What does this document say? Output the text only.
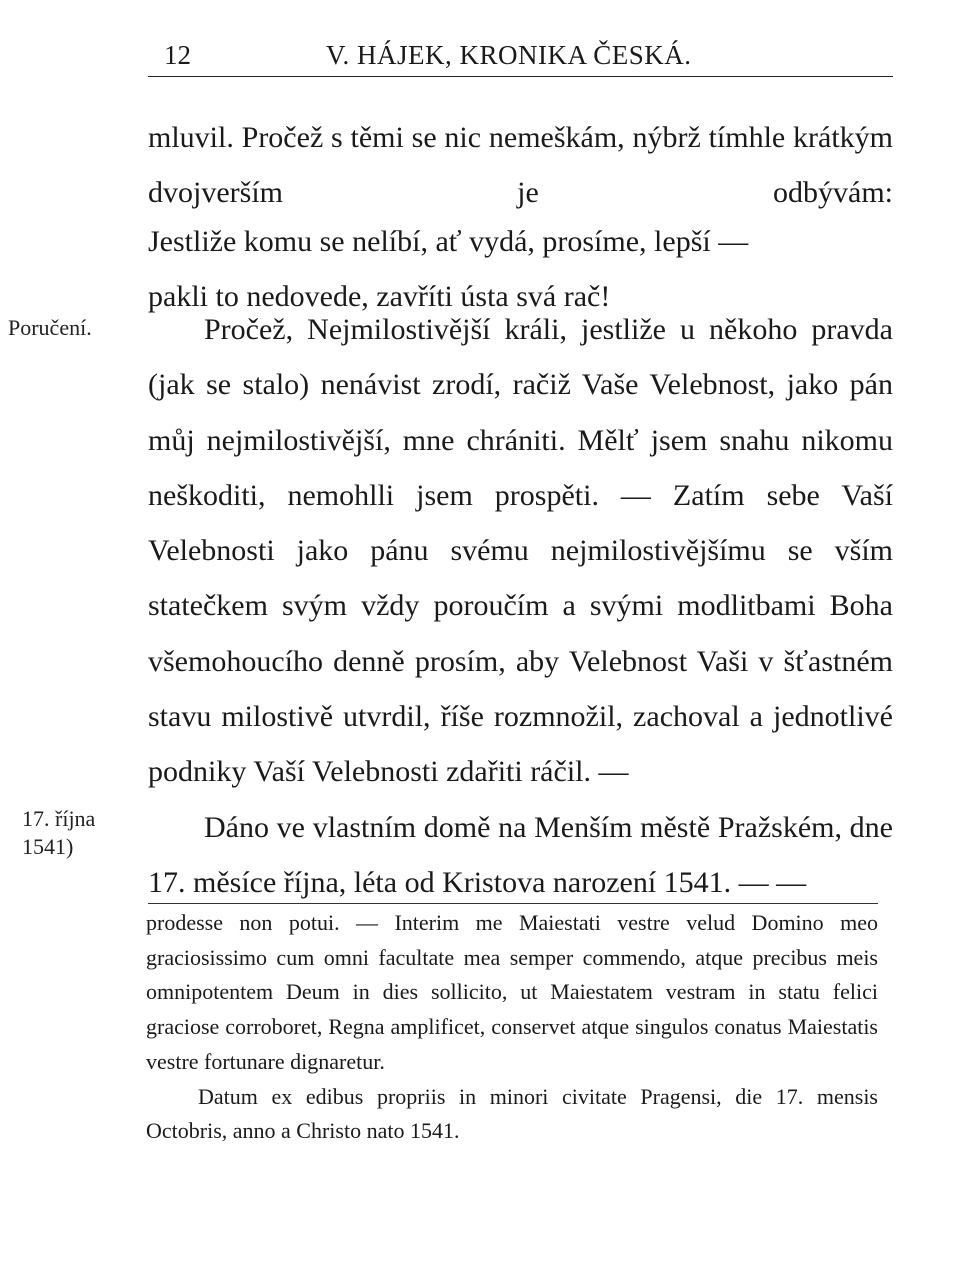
12	V. HÁJEK, KRONIKA ČESKÁ.

mluvil. Pročež s těmi se nic nemeškám, nýbrž tímhle krátkým dvojverším je odbývám:

Jestliže komu se nelíbí, ať vydá, prosíme, lepší —

pakli to nedovede, zavříti ústa svá rač!

Pročež, Nejmilostivější králi, jestliže u někoho pravda (jak se stalo) nenávist zrodí, račiž Vaše Velebnost, jako pán můj nejmilostivější, mne chrániti. Mělť jsem snahu nikomu neškoditi, nemohlli jsem prospěti. — Zatím sebe Vaší Velebnosti jako pánu svému nejmilostivějšímu se vším statečkem svým vždy poroučím a svými modlitbami Boha všemohoucího denně prosím, aby Velebnost Vaši v šťastném stavu milostivě utvrdil, říše rozmnožil, zachoval a jednotlivé podniky Vaší Velebnosti zdařiti ráčil. —

Dáno ve vlastním domě na Menším městě Pražském, dne 17. měsíce října, léta od Kristova narození 1541. — —

Poručení.
17. října
1541)

prodesse non potui. — Interim me Maiestati vestre velud Domino meo graciosissimo cum omni facultate mea semper commendo, atque precibus meis omnipotentem Deum in dies sollicito, ut Maiestatem vestram in statu felici graciose corroboret, Regna amplificet, conservet atque singulos conatus Maiestatis vestre fortunare dignaretur.

Datum ex edibus propriis in minori civitate Pragensi, die 17. mensis Octobris, anno a Christo nato 1541.
